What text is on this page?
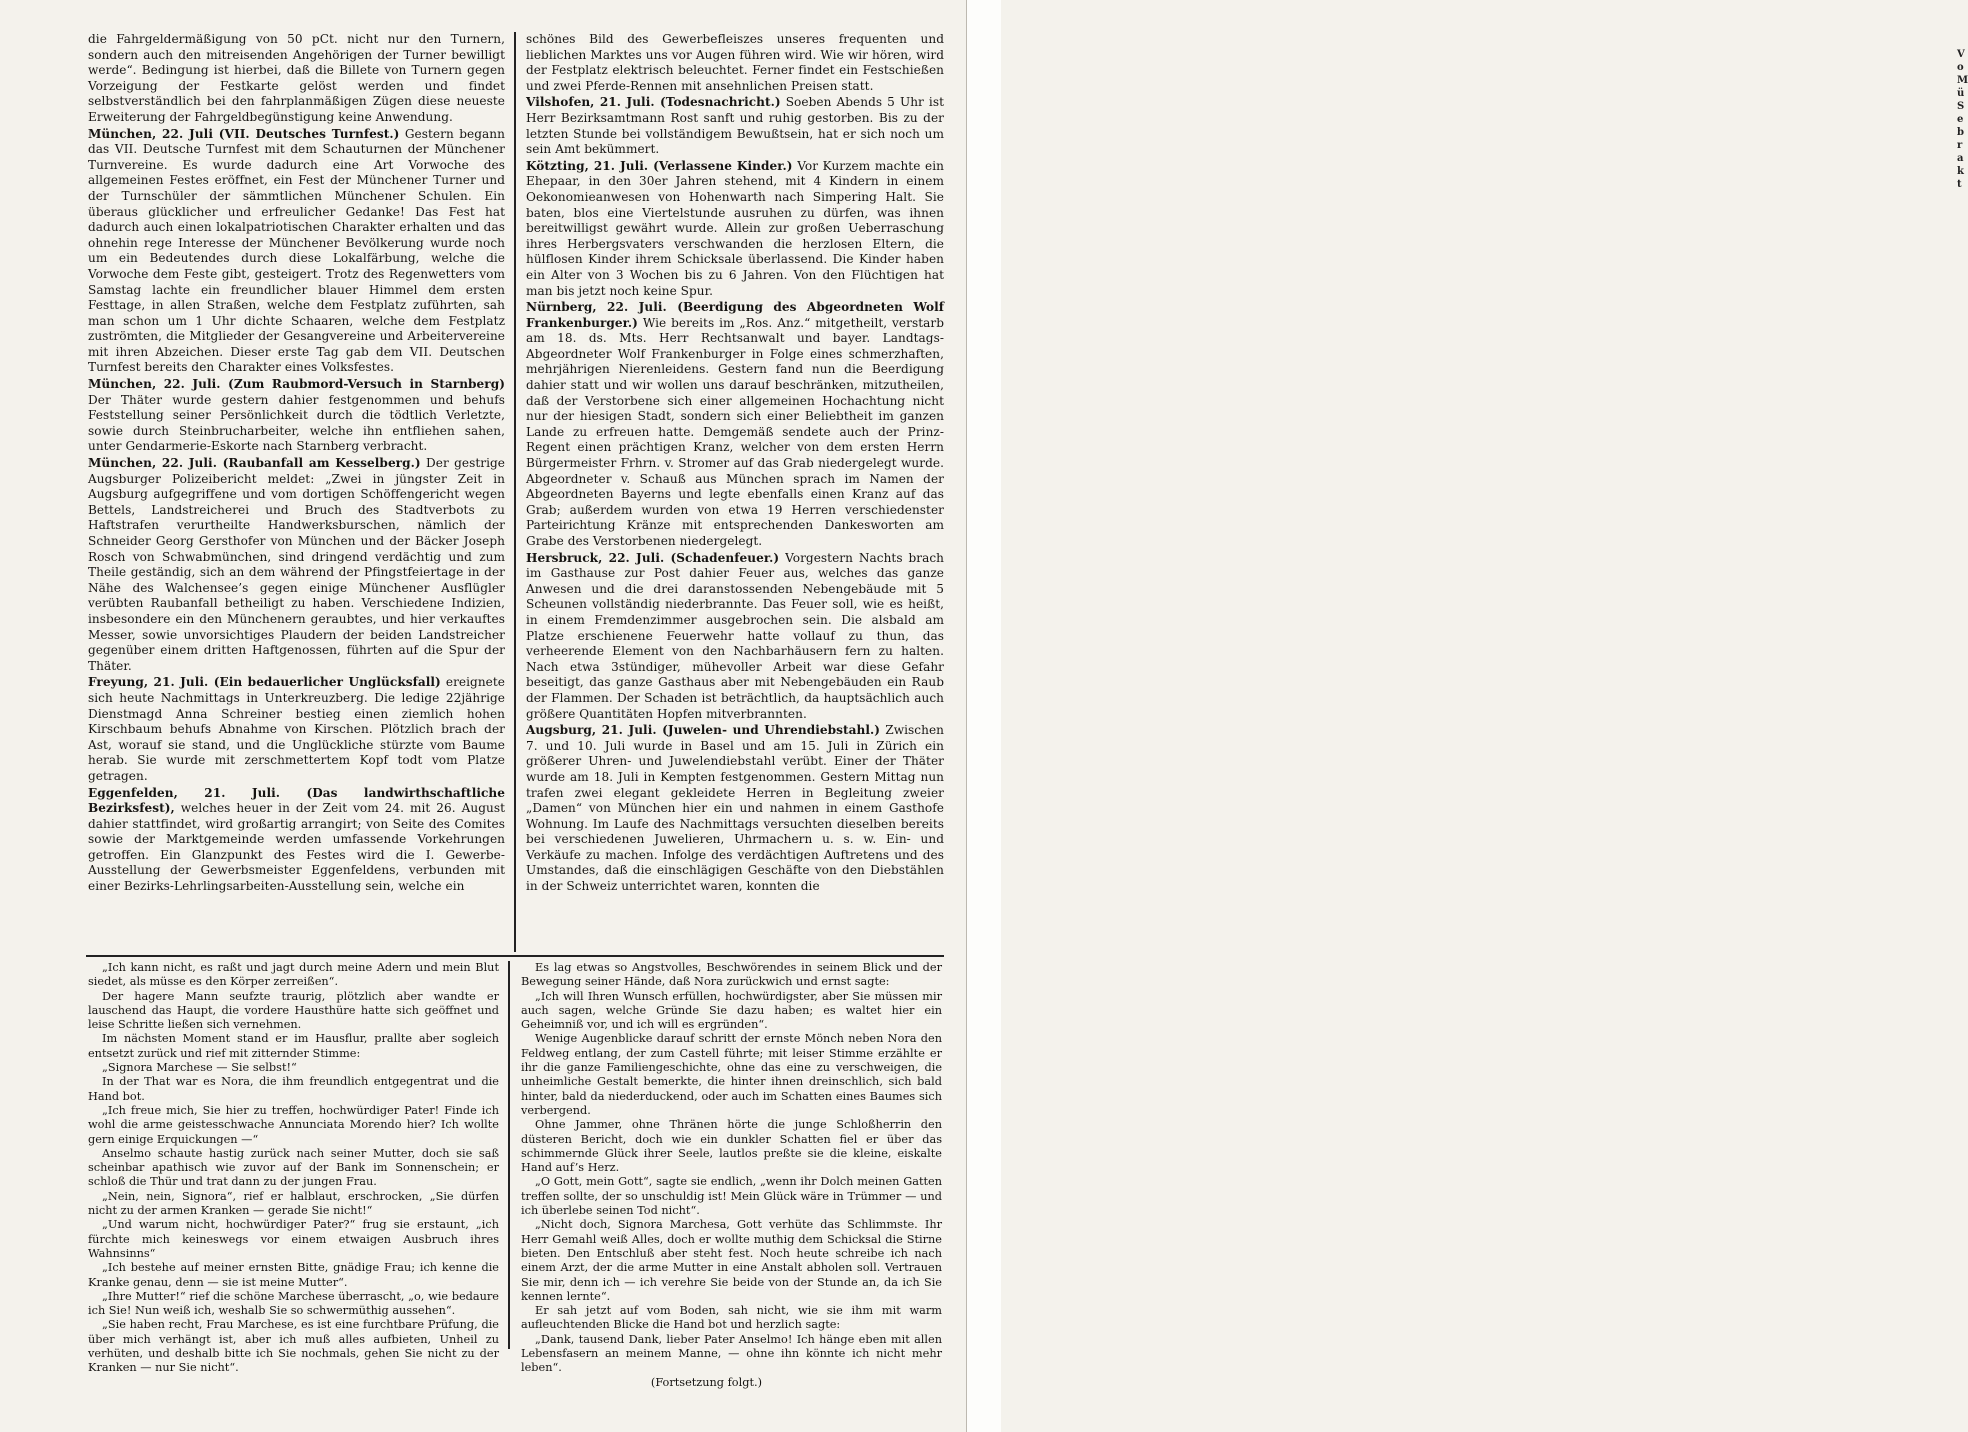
die Fahrgeldermäßigung von 50 pCt. nicht nur den Turnern, sondern auch den mitreisenden Angehörigen der Turner bewilligt werde“. Bedingung ist hierbei, daß die Billete von Turnern gegen Vorzeigung der Festkarte gelöst werden und findet selbstverständlich bei den fahrplanmäßigen Zügen diese neueste Erweiterung der Fahrgeldbegünstigung keine Anwendung.

München, 22. Juli (VII. Deutsches Turnfest.) Gestern begann das VII. Deutsche Turnfest mit dem Schauturnen der Münchener Turnvereine. Es wurde dadurch eine Art Vorwoche des allgemeinen Festes eröffnet, ein Fest der Münchener Turner und der Turnschüler der sämmtlichen Münchener Schulen. Ein überaus glücklicher und erfreulicher Gedanke! Das Fest hat dadurch auch einen lokalpatriotischen Charakter erhalten und das ohnehin rege Interesse der Münchener Bevölkerung wurde noch um ein Bedeutendes durch diese Lokalfärbung, welche die Vorwoche dem Feste gibt, gesteigert. Trotz des Regenwetters vom Samstag lachte ein freundlicher blauer Himmel dem ersten Festtage, in allen Straßen, welche dem Festplatz zuführten, sah man schon um 1 Uhr dichte Schaaren, welche dem Festplatz zuströmten, die Mitglieder der Gesangvereine und Arbeitervereine mit ihren Abzeichen. Dieser erste Tag gab dem VII. Deutschen Turnfest bereits den Charakter eines Volksfestes.

München, 22. Juli. (Zum Raubmord-Versuch in Starnberg) Der Thäter wurde gestern dahier festgenommen und behufs Feststellung seiner Persönlichkeit durch die tödtlich Verletzte, sowie durch Steinbrucharbeiter, welche ihn entfliehen sahen, unter Gendarmerie-Eskorte nach Starnberg verbracht.

München, 22. Juli. (Raubanfall am Kesselberg.) Der gestrige Augsburger Polizeibericht meldet: „Zwei in jüngster Zeit in Augsburg aufgegriffene und vom dortigen Schöffengericht wegen Bettels, Landstreicherei und Bruch des Stadtverbots zu Haftstrafen verurtheilte Handwerksburschen, nämlich der Schneider Georg Gersthofer von München und der Bäcker Joseph Rosch von Schwabmünchen, sind dringend verdächtig und zum Theile geständig, sich an dem während der Pfingstfeiertage in der Nähe des Walchensee’s gegen einige Münchener Ausflügler verübten Raubanfall betheiligt zu haben. Verschiedene Indizien, insbesondere ein den Münchenern geraubtes, und hier verkauftes Messer, sowie unvorsichtiges Plaudern der beiden Landstreicher gegenüber einem dritten Haftgenossen, führten auf die Spur der Thäter.

Freyung, 21. Juli. (Ein bedauerlicher Unglücksfall) ereignete sich heute Nachmittags in Unterkreuzberg. Die ledige 22jährige Dienstmagd Anna Schreiner bestieg einen ziemlich hohen Kirschbaum behufs Abnahme von Kirschen. Plötzlich brach der Ast, worauf sie stand, und die Unglückliche stürzte vom Baume herab. Sie wurde mit zerschmettertem Kopf todt vom Platze getragen.

Eggenfelden, 21. Juli. (Das landwirthschaftliche Bezirksfest), welches heuer in der Zeit vom 24. mit 26. August dahier stattfindet, wird großartig arrangirt; von Seite des Comites sowie der Marktgemeinde werden umfassende Vorkehrungen getroffen. Ein Glanzpunkt des Festes wird die I. Gewerbe-Ausstellung der Gewerbsmeister Eggenfeldens, verbunden mit einer Bezirks-Lehrlingsarbeiten-Ausstellung sein, welche ein

schönes Bild des Gewerbefleiszes unseres frequenten und lieblichen Marktes uns vor Augen führen wird. Wie wir hören, wird der Festplatz elektrisch beleuchtet. Ferner findet ein Festschießen und zwei Pferde-Rennen mit ansehnlichen Preisen statt.

Vilshofen, 21. Juli. (Todesnachricht.) Soeben Abends 5 Uhr ist Herr Bezirksamtmann Rost sanft und ruhig gestorben. Bis zu der letzten Stunde bei vollständigem Bewußtsein, hat er sich noch um sein Amt bekümmert.

Kötzting, 21. Juli. (Verlassene Kinder.) Vor Kurzem machte ein Ehepaar, in den 30er Jahren stehend, mit 4 Kindern in einem Oekonomieanwesen von Hohenwarth nach Simpering Halt. Sie baten, blos eine Viertelstunde ausruhen zu dürfen, was ihnen bereitwilligst gewährt wurde. Allein zur großen Ueberraschung ihres Herbergsvaters verschwanden die herzlosen Eltern, die hülflosen Kinder ihrem Schicksale überlassend. Die Kinder haben ein Alter von 3 Wochen bis zu 6 Jahren. Von den Flüchtigen hat man bis jetzt noch keine Spur.

Nürnberg, 22. Juli. (Beerdigung des Abgeordneten Wolf Frankenburger.) Wie bereits im „Ros. Anz.“ mitgetheilt, verstarb am 18. ds. Mts. Herr Rechtsanwalt und bayer. Landtags-Abgeordneter Wolf Frankenburger in Folge eines schmerzhaften, mehrjährigen Nierenleidens. Gestern fand nun die Beerdigung dahier statt und wir wollen uns darauf beschränken, mitzutheilen, daß der Verstorbene sich einer allgemeinen Hochachtung nicht nur der hiesigen Stadt, sondern sich einer Beliebtheit im ganzen Lande zu erfreuen hatte. Demgemäß sendete auch der Prinz-Regent einen prächtigen Kranz, welcher von dem ersten Herrn Bürgermeister Frhrn. v. Stromer auf das Grab niedergelegt wurde. Abgeordneter v. Schauß aus München sprach im Namen der Abgeordneten Bayerns und legte ebenfalls einen Kranz auf das Grab; außerdem wurden von etwa 19 Herren verschiedenster Parteirichtung Kränze mit entsprechenden Dankesworten am Grabe des Verstorbenen niedergelegt.

Hersbruck, 22. Juli. (Schadenfeuer.) Vorgestern Nachts brach im Gasthause zur Post dahier Feuer aus, welches das ganze Anwesen und die drei daranstossenden Nebengebäude mit 5 Scheunen vollständig niederbrannte. Das Feuer soll, wie es heißt, in einem Fremdenzimmer ausgebrochen sein. Die alsbald am Platze erschienene Feuerwehr hatte vollauf zu thun, das verheerende Element von den Nachbarhäusern fern zu halten. Nach etwa 3stündiger, mühevoller Arbeit war diese Gefahr beseitigt, das ganze Gasthaus aber mit Nebengebäuden ein Raub der Flammen. Der Schaden ist beträchtlich, da hauptsächlich auch größere Quantitäten Hopfen mitverbrannten.

Augsburg, 21. Juli. (Juwelen- und Uhrendiebstahl.) Zwischen 7. und 10. Juli wurde in Basel und am 15. Juli in Zürich ein größerer Uhren- und Juwelendiebstahl verübt. Einer der Thäter wurde am 18. Juli in Kempten festgenommen. Gestern Mittag nun trafen zwei elegant gekleidete Herren in Begleitung zweier „Damen“ von München hier ein und nahmen in einem Gasthofe Wohnung. Im Laufe des Nachmittags versuchten dieselben bereits bei verschiedenen Juwelieren, Uhrmachern u. s. w. Ein- und Verkäufe zu machen. Infolge des verdächtigen Auftretens und des Umstandes, daß die einschlägigen Geschäfte von den Diebstählen in der Schweiz unterrichtet waren, konnten die

„Ich kann nicht, es raßt und jagt durch meine Adern und mein Blut siedet, als müsse es den Körper zerreißen“.

Der hagere Mann seufzte traurig, plötzlich aber wandte er lauschend das Haupt, die vordere Hausthüre hatte sich geöffnet und leise Schritte ließen sich vernehmen.

Im nächsten Moment stand er im Hausflur, prallte aber sogleich entsetzt zurück und rief mit zitternder Stimme:

„Signora Marchese — Sie selbst!“

In der That war es Nora, die ihm freundlich entgegentrat und die Hand bot.

„Ich freue mich, Sie hier zu treffen, hochwürdiger Pater! Finde ich wohl die arme geistesschwache Annunciata Morendo hier? Ich wollte gern einige Erquickungen —“

Anselmo schaute hastig zurück nach seiner Mutter, doch sie saß scheinbar apathisch wie zuvor auf der Bank im Sonnenschein; er schloß die Thür und trat dann zu der jungen Frau.

„Nein, nein, Signora“, rief er halblaut, erschrocken, „Sie dürfen nicht zu der armen Kranken — gerade Sie nicht!“

„Und warum nicht, hochwürdiger Pater?“ frug sie erstaunt, „ich fürchte mich keineswegs vor einem etwaigen Ausbruch ihres Wahnsinns“

„Ich bestehe auf meiner ernsten Bitte, gnädige Frau; ich kenne die Kranke genau, denn — sie ist meine Mutter“.

„Ihre Mutter!“ rief die schöne Marchese überrascht, „o, wie bedaure ich Sie! Nun weiß ich, weshalb Sie so schwermüthig aussehen“.

„Sie haben recht, Frau Marchese, es ist eine furchtbare Prüfung, die über mich verhängt ist, aber ich muß alles aufbieten, Unheil zu verhüten, und deshalb bitte ich Sie nochmals, gehen Sie nicht zu der Kranken — nur Sie nicht“.

Es lag etwas so Angstvolles, Beschwörendes in seinem Blick und der Bewegung seiner Hände, daß Nora zurückwich und ernst sagte:

„Ich will Ihren Wunsch erfüllen, hochwürdigster, aber Sie müssen mir auch sagen, welche Gründe Sie dazu haben; es waltet hier ein Geheimniß vor, und ich will es ergründen“.

Wenige Augenblicke darauf schritt der ernste Mönch neben Nora den Feldweg entlang, der zum Castell führte; mit leiser Stimme erzählte er ihr die ganze Familiengeschichte, ohne das eine zu verschweigen, die unheimliche Gestalt bemerkte, die hinter ihnen dreinschlich, sich bald hinter, bald da niederduckend, oder auch im Schatten eines Baumes sich verbergend.

Ohne Jammer, ohne Thränen hörte die junge Schloßherrin den düsteren Bericht, doch wie ein dunkler Schatten fiel er über das schimmernde Glück ihrer Seele, lautlos preßte sie die kleine, eiskalte Hand auf’s Herz.

„O Gott, mein Gott“, sagte sie endlich, „wenn ihr Dolch meinen Gatten treffen sollte, der so unschuldig ist! Mein Glück wäre in Trümmer — und ich überlebe seinen Tod nicht“.

„Nicht doch, Signora Marchesa, Gott verhüte das Schlimmste. Ihr Herr Gemahl weiß Alles, doch er wollte muthig dem Schicksal die Stirne bieten. Den Entschluß aber steht fest. Noch heute schreibe ich nach einem Arzt, der die arme Mutter in eine Anstalt abholen soll. Vertrauen Sie mir, denn ich — ich verehre Sie beide von der Stunde an, da ich Sie kennen lernte“.

Er sah jetzt auf vom Boden, sah nicht, wie sie ihm mit warm aufleuchtenden Blicke die Hand bot und herzlich sagte:

„Dank, tausend Dank, lieber Pater Anselmo! Ich hänge eben mit allen Lebensfasern an meinem Manne, — ohne ihn könnte ich nicht mehr leben“.

(Fortsetzung folgt.)

Vo Mü Se bra kt
